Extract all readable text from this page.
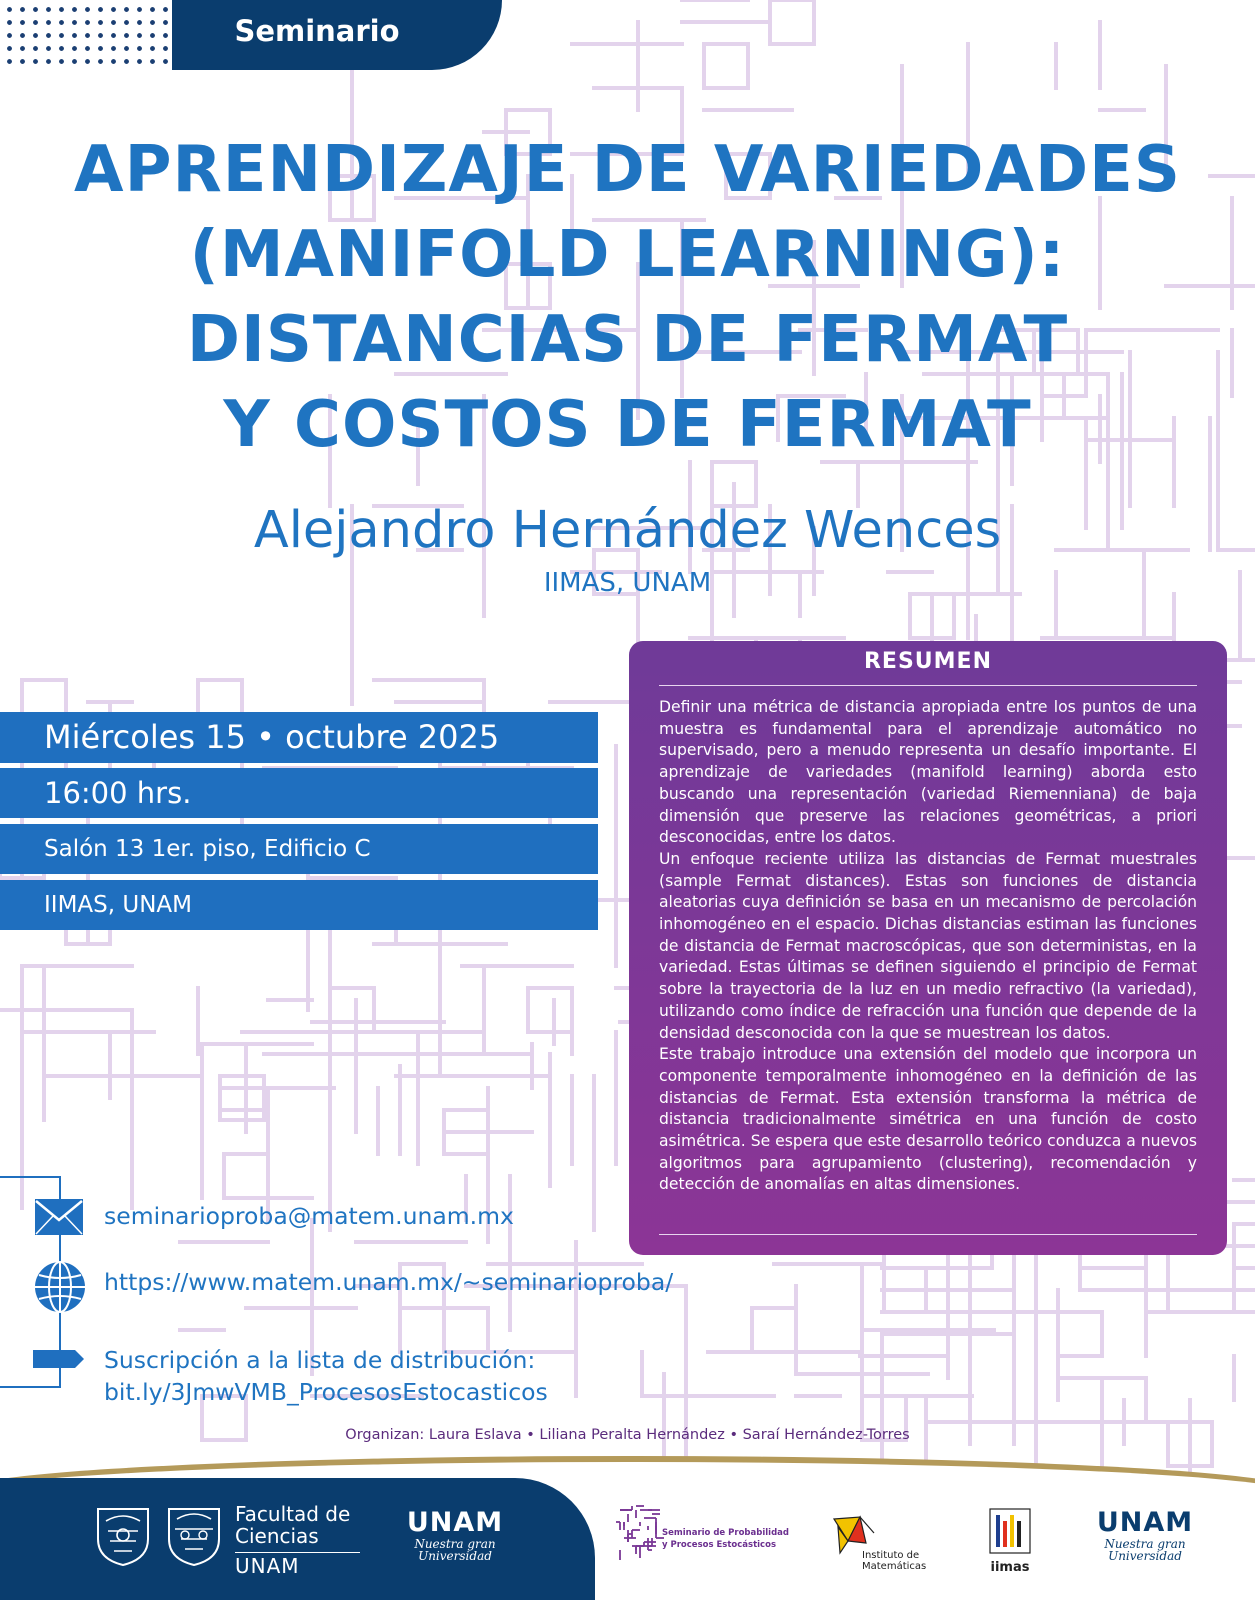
Seminario
APRENDIZAJE DE VARIEDADES
(MANIFOLD LEARNING):
DISTANCIAS DE FERMAT
Y COSTOS DE FERMAT
Alejandro Hernández Wences
IIMAS, UNAM
Miércoles 15 • octubre 2025
16:00 hrs.
Salón 13 1er. piso, Edificio C
IIMAS, UNAM
RESUMEN

Definir una métrica de distancia apropiada entre los puntos de una muestra es fundamental para el aprendizaje automático no supervisado, pero a menudo representa un desafío importante. El aprendizaje de variedades (manifold learning) aborda esto buscando una representación (variedad Riemenniana) de baja dimensión que preserve las relaciones geométricas, a priori desconocidas, entre los datos.

Un enfoque reciente utiliza las distancias de Fermat muestrales (sample Fermat distances). Estas son funciones de distancia aleatorias cuya definición se basa en un mecanismo de percolación inhomogéneo en el espacio. Dichas distancias estiman las funciones de distancia de Fermat macroscópicas, que son deterministas, en la variedad. Estas últimas se definen siguiendo el principio de Fermat sobre la trayectoria de la luz en un medio refractivo (la variedad), utilizando como índice de refracción una función que depende de la densidad desconocida con la que se muestrean los datos.

Este trabajo introduce una extensión del modelo que incorpora un componente temporalmente inhomogéneo en la definición de las distancias de Fermat. Esta extensión transforma la métrica de distancia tradicionalmente simétrica en una función de costo asimétrica. Se espera que este desarrollo teórico conduzca a nuevos algoritmos para agrupamiento (clustering), recomendación y detección de anomalías en altas dimensiones.

seminarioproba@matem.unam.mx
https://www.matem.unam.mx/~seminarioproba/
Suscripción a la lista de distribución:
bit.ly/3JmwVMB_ProcesosEstocasticos
Organizan: Laura Eslava • Liliana Peralta Hernández • Saraí Hernández-Torres
Facultad de
Ciencias
UNAM
UNAM
Nuestra gran
Universidad
Seminario de Probabilidad
y Procesos Estocásticos
Instituto de
Matemáticas	iimas
UNAM
Nuestra gran
Universidad
